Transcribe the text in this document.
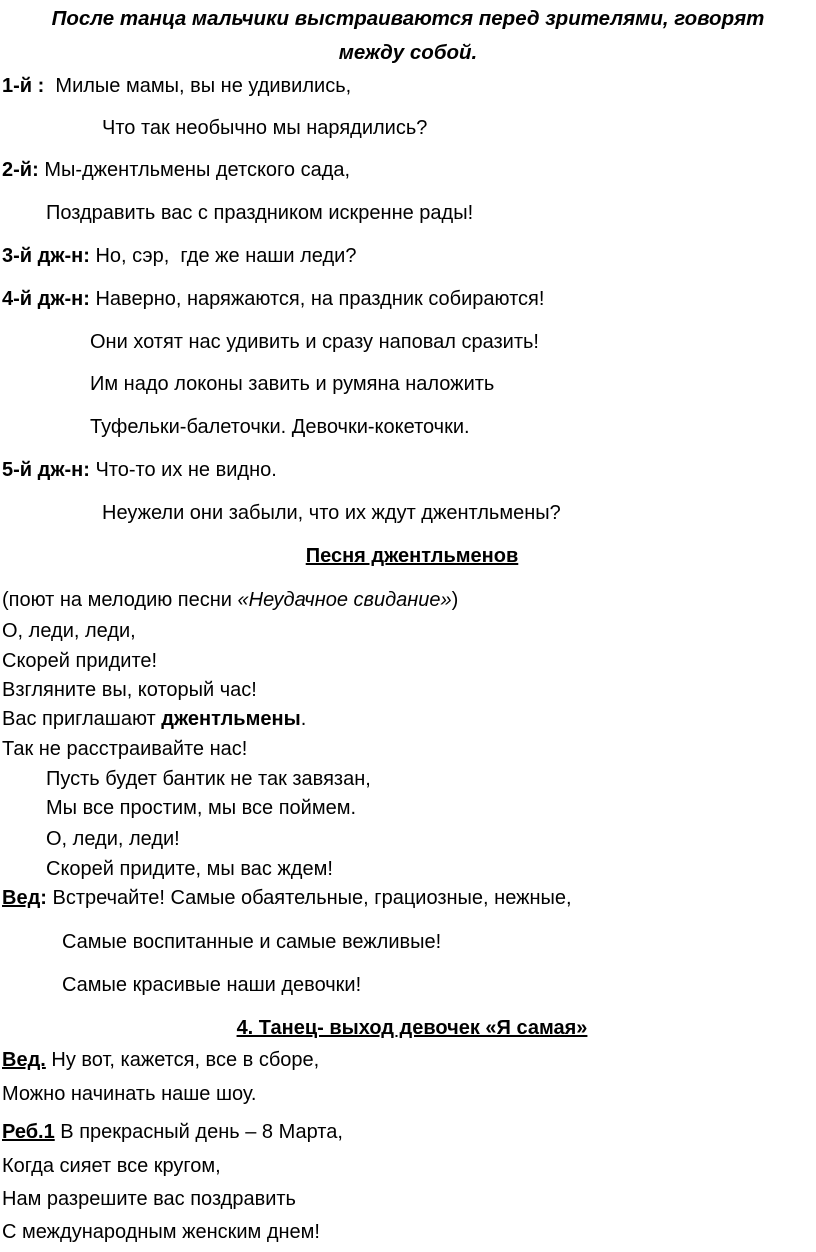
После танца мальчики выстраиваются перед зрителями, говорят
между собой.
1-й : Милые мамы, вы не удивились,
Что так необычно мы нарядились?
2-й: Мы-джентльмены детского сада,
Поздравить вас с праздником искренне рады!
3-й дж-н: Но, сэр,  где же наши леди?
4-й дж-н: Наверно, наряжаются, на праздник собираются!
Они хотят нас удивить и сразу наповал сразить!
Им надо локоны завить и румяна наложить
Туфельки-балеточки. Девочки-кокеточки.
5-й дж-н: Что-то их не видно.
Неужели они забыли, что их ждут джентльмены?
Песня джентльменов
(поют на мелодию песни «Неудачное свидание»)
О, леди, леди,
Скорей придите!
Взгляните вы, который час!
Вас приглашают джентльмены.
Так не расстраивайте нас!
Пусть будет бантик не так завязан,
Мы все простим, мы все поймем.
О, леди, леди!
Скорей придите, мы вас ждем!
Вед: Встречайте! Самые обаятельные, грациозные, нежные,
Самые воспитанные и самые вежливые!
Самые красивые наши девочки!
4. Танец- выход девочек «Я самая»
Вед. Ну вот, кажется, все в сборе,
Можно начинать наше шоу.
Реб.1 В прекрасный день – 8 Марта,
Когда сияет все кругом,
Нам разрешите вас поздравить
С международным женским днем!
